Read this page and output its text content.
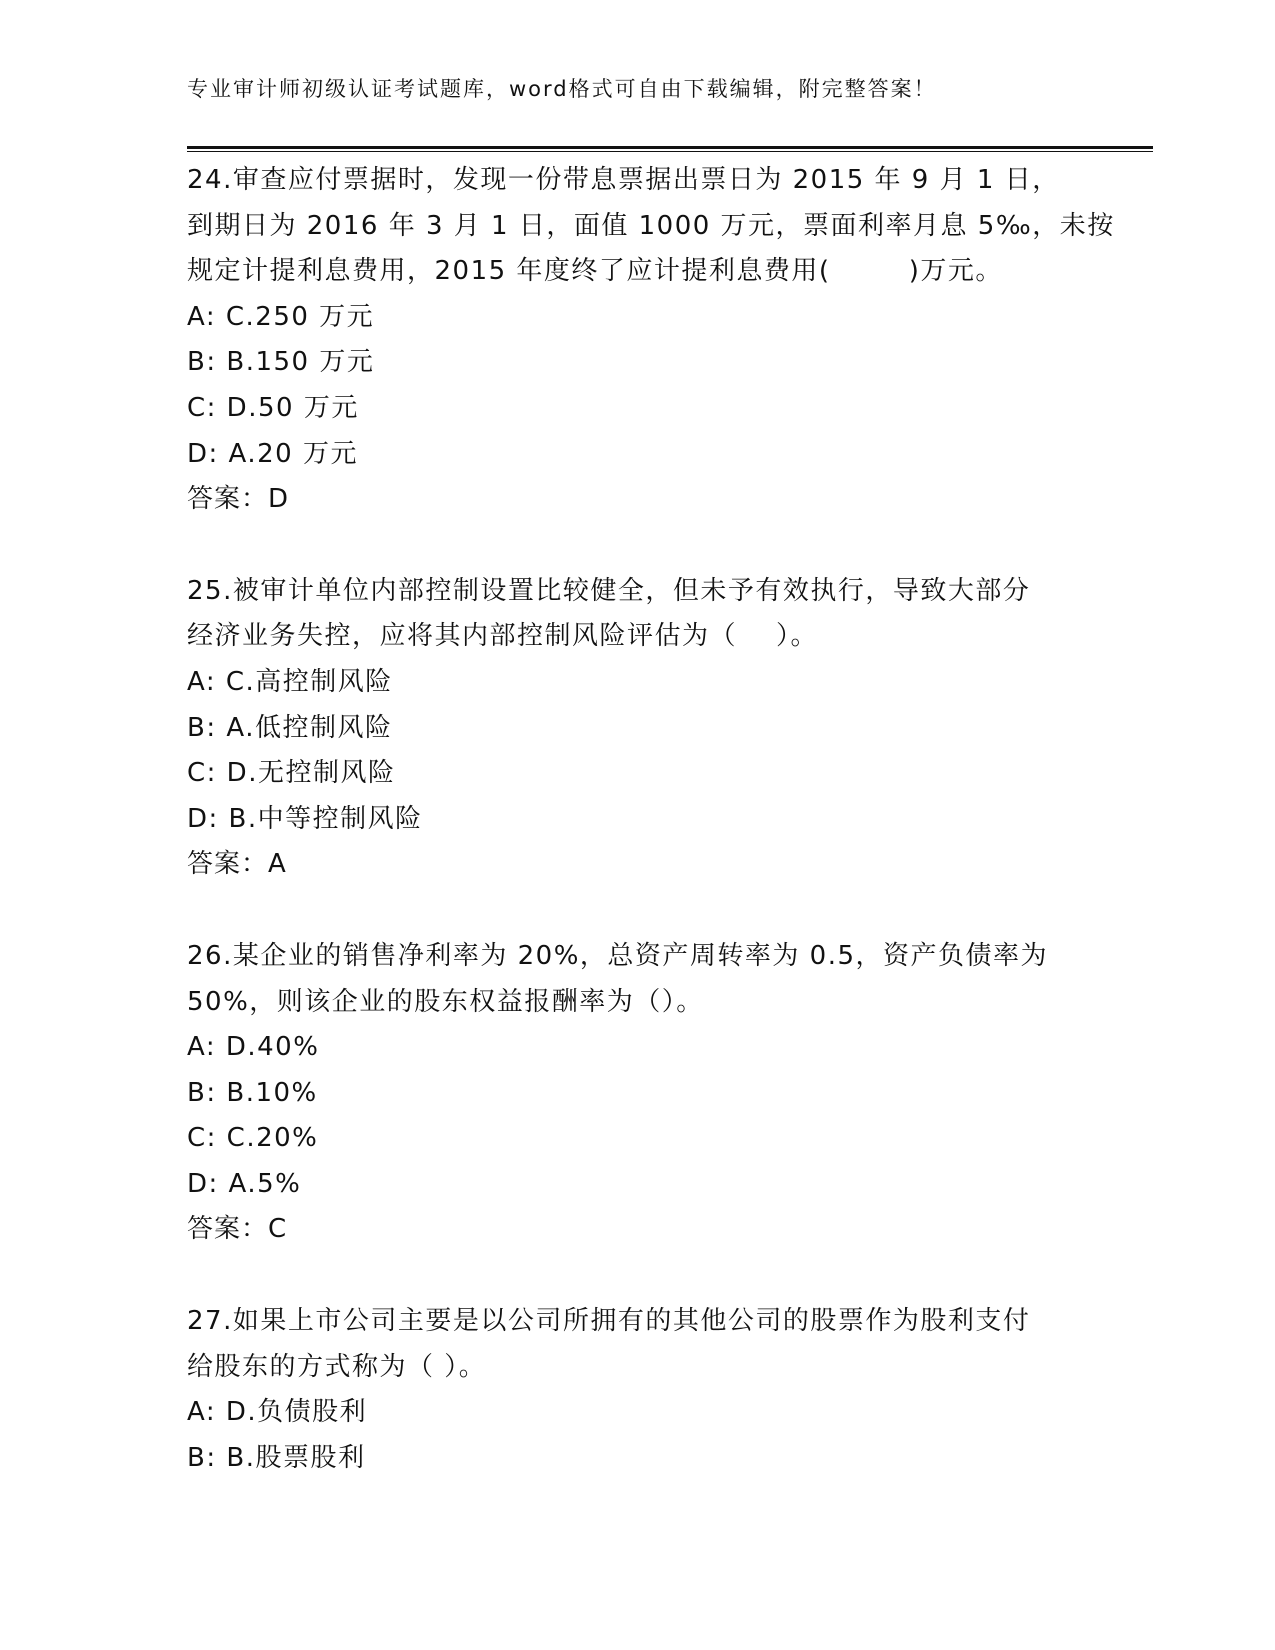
专业审计师初级认证考试题库，word格式可自由下载编辑，附完整答案！
24.审查应付票据时，发现一份带息票据出票日为 2015 年 9 月 1 日，
到期日为 2016 年 3 月 1 日，面值 1000 万元，票面利率月息 5‰，未按
规定计提利息费用，2015 年度终了应计提利息费用(        )万元。
A: C.250 万元
B: B.150 万元
C: D.50 万元
D: A.20 万元
答案：D
25.被审计单位内部控制设置比较健全，但未予有效执行，导致大部分
经济业务失控，应将其内部控制风险评估为（    ）。
A: C.高控制风险
B: A.低控制风险
C: D.无控制风险
D: B.中等控制风险
答案：A
26.某企业的销售净利率为 20%，总资产周转率为 0.5，资产负债率为
50%，则该企业的股东权益报酬率为（）。
A: D.40%
B: B.10%
C: C.20%
D: A.5%
答案：C
27.如果上市公司主要是以公司所拥有的其他公司的股票作为股利支付
给股东的方式称为（ ）。
A: D.负债股利
B: B.股票股利
